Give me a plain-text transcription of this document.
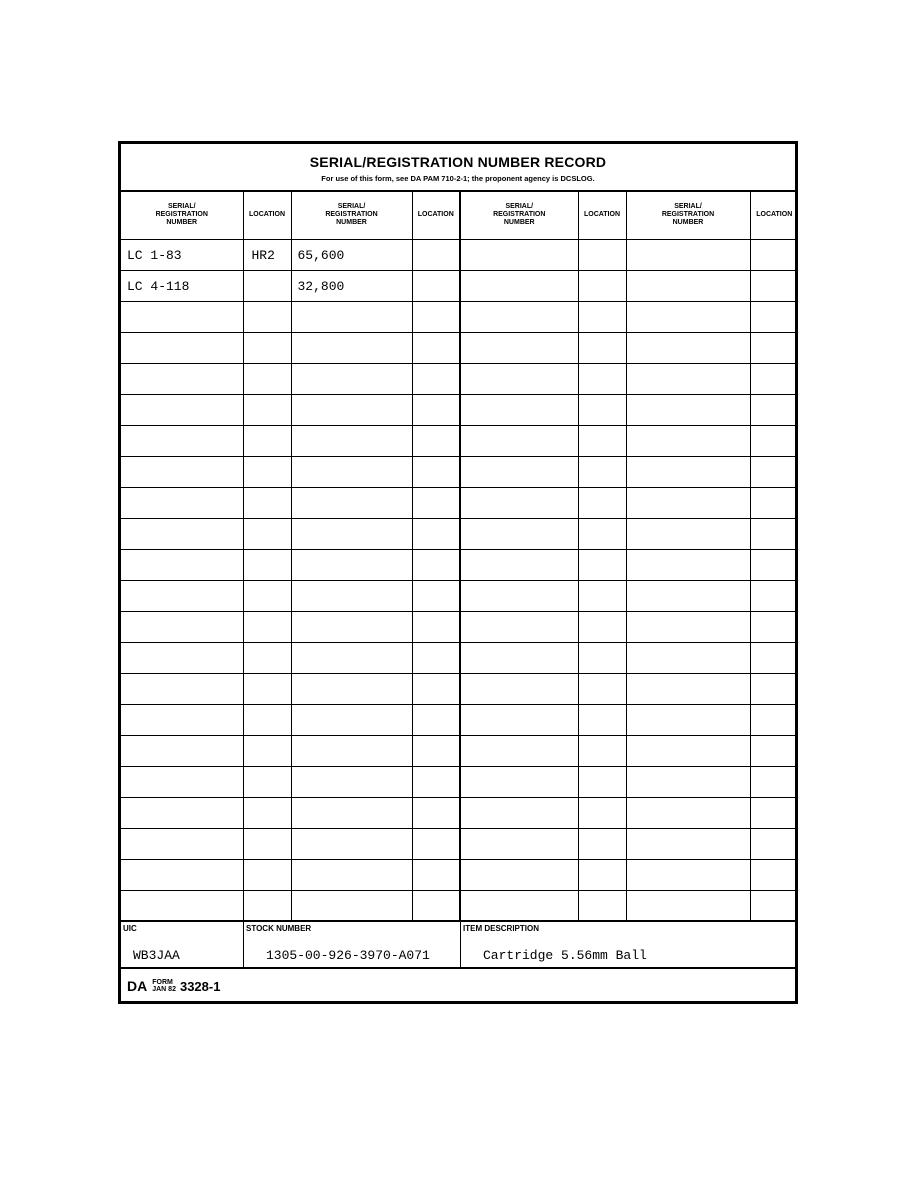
SERIAL/REGISTRATION NUMBER RECORD
For use of this form, see DA PAM 710-2-1; the proponent agency is DCSLOG.
SERIAL/
REGISTRATION
NUMBER	LOCATION	SERIAL/
REGISTRATION
NUMBER	LOCATION	SERIAL/
REGISTRATION
NUMBER	LOCATION	SERIAL/
REGISTRATION
NUMBER	LOCATION
LC 1-83	HR2	65,600					
LC 4-118		32,800					

UIC
WB3JAA
STOCK NUMBER
1305-00-926-3970-A071
ITEM DESCRIPTION
Cartridge 5.56mm Ball
DA FORM
JAN 82 3328-1
